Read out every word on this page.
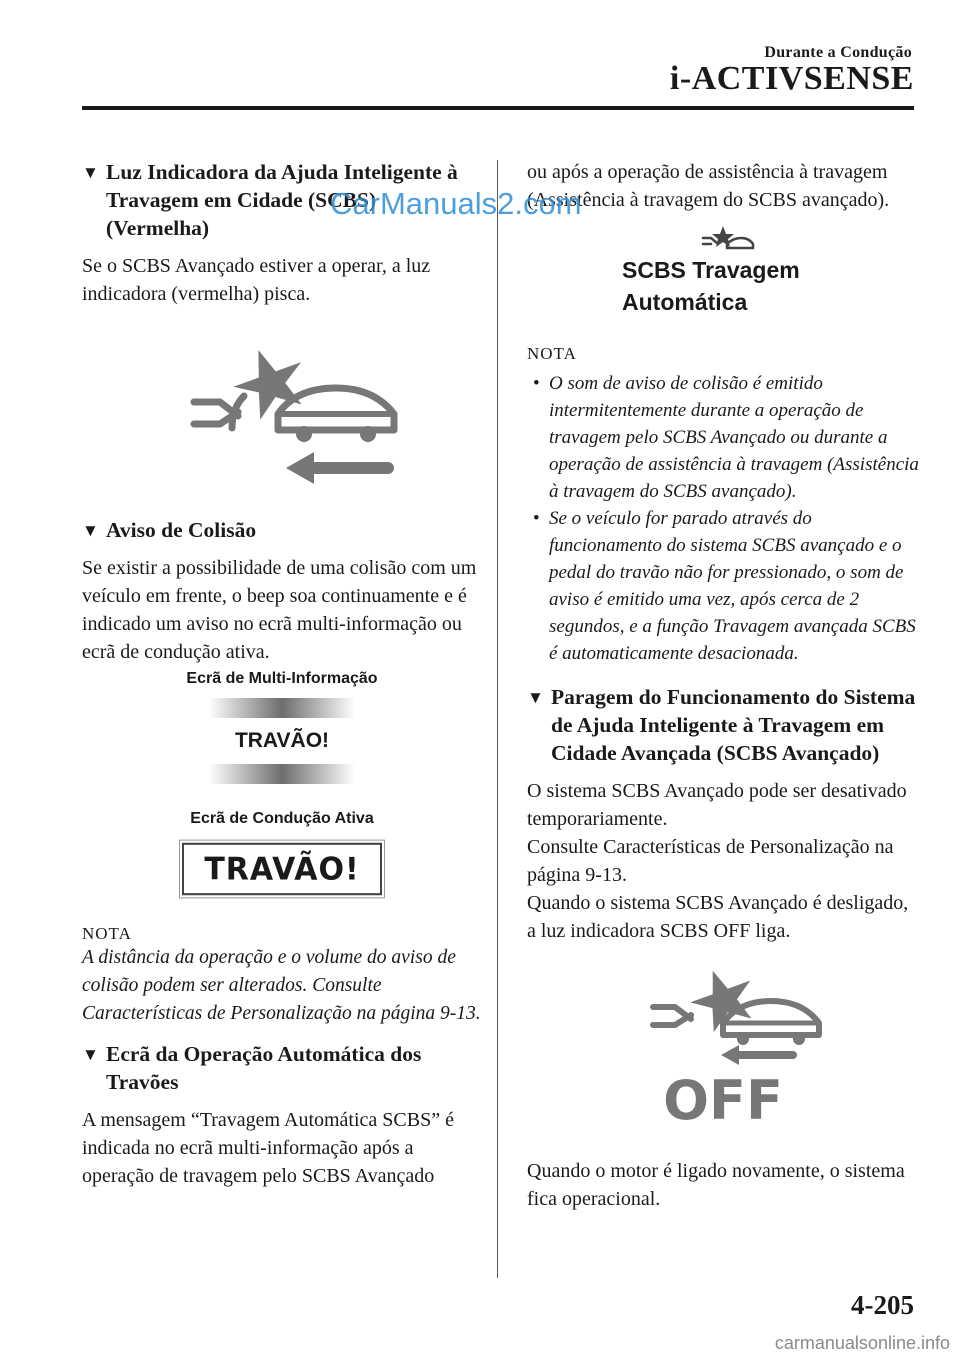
Durante a Condução
i-ACTIVSENSE
▼ Luz Indicadora da Ajuda Inteligente à Travagem em Cidade (SCBS) (Vermelha)

Se o SCBS Avançado estiver a operar, a luz indicadora (vermelha) pisca.

▼ Aviso de Colisão

Se existir a possibilidade de uma colisão com um veículo em frente, o beep soa continuamente e é indicado um aviso no ecrã multi-informação ou ecrã de condução ativa.

Ecrã de Multi-Informação
TRAVÃO!
Ecrã de Condução Ativa
TRAVÃO!

NOTA

A distância da operação e o volume do aviso de colisão podem ser alterados. Consulte Características de Personalização na página 9-13.

▼ Ecrã da Operação Automática dos Travões

A mensagem “Travagem Automática SCBS” é indicada no ecrã multi-informação após a operação de travagem pelo SCBS Avançado

ou após a operação de assistência à travagem (Assistência à travagem do SCBS avançado).

SCBS Travagem
Automática

NOTA

• O som de aviso de colisão é emitido intermitentemente durante a operação de travagem pelo SCBS Avançado ou durante a operação de assistência à travagem (Assistência à travagem do SCBS avançado).
• Se o veículo for parado através do funcionamento do sistema SCBS avançado e o pedal do travão não for pressionado, o som de aviso é emitido uma vez, após cerca de 2 segundos, e a função Travagem avançada SCBS é automaticamente desacionada.
▼ Paragem do Funcionamento do Sistema de Ajuda Inteligente à Travagem em Cidade Avançada (SCBS Avançado)

O sistema SCBS Avançado pode ser desativado temporariamente.

Consulte Características de Personalização na página 9-13.

Quando o sistema SCBS Avançado é desligado, a luz indicadora SCBS OFF liga.

OFF

Quando o motor é ligado novamente, o sistema fica operacional.

CarManuals2.com
4-205
carmanualsonline.info
